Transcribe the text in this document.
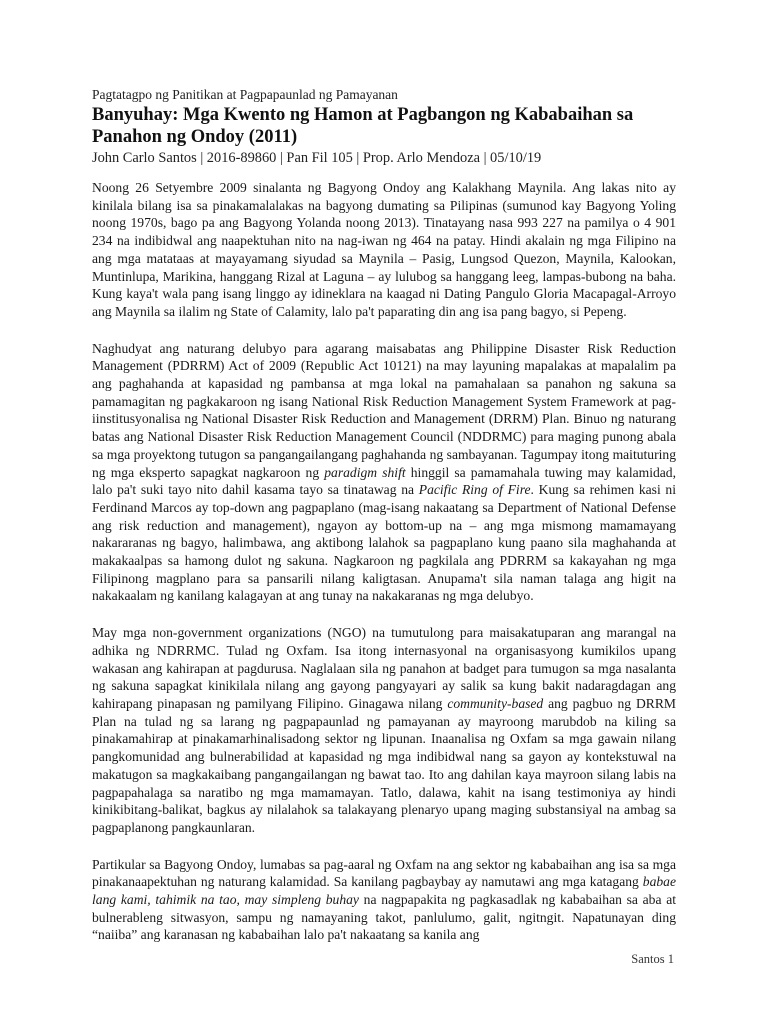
Pagtatagpo ng Panitikan at Pagpapaunlad ng Pamayanan
Banyuhay: Mga Kwento ng Hamon at Pagbangon ng Kababaihan sa Panahon ng Ondoy (2011)
John Carlo Santos | 2016-89860 | Pan Fil 105 | Prop. Arlo Mendoza | 05/10/19

Noong 26 Setyembre 2009 sinalanta ng Bagyong Ondoy ang Kalakhang Maynila. Ang lakas nito ay kinilala bilang isa sa pinakamalalakas na bagyong dumating sa Pilipinas (sumunod kay Bagyong Yoling noong 1970s, bago pa ang Bagyong Yolanda noong 2013). Tinatayang nasa 993 227 na pamilya o 4 901 234 na indibidwal ang naapektuhan nito na nag-iwan ng 464 na patay. Hindi akalain ng mga Filipino na ang mga matataas at mayayamang siyudad sa Maynila – Pasig, Lungsod Quezon, Maynila, Kalookan, Muntinlupa, Marikina, hanggang Rizal at Laguna – ay lulubog sa hanggang leeg, lampas-bubong na baha. Kung kaya't wala pang isang linggo ay idineklara na kaagad ni Dating Pangulo Gloria Macapagal-Arroyo ang Maynila sa ilalim ng State of Calamity, lalo pa't paparating din ang isa pang bagyo, si Pepeng.

Naghudyat ang naturang delubyo para agarang maisabatas ang Philippine Disaster Risk Reduction Management (PDRRM) Act of 2009 (Republic Act 10121) na may layuning mapalakas at mapalalim pa ang paghahanda at kapasidad ng pambansa at mga lokal na pamahalaan sa panahon ng sakuna sa pamamagitan ng pagkakaroon ng isang National Risk Reduction Management System Framework at pag-iinstitusyonalisa ng National Disaster Risk Reduction and Management (DRRM) Plan. Binuo ng naturang batas ang National Disaster Risk Reduction Management Council (NDDRMC) para maging punong abala sa mga proyektong tutugon sa pangangailangang paghahanda ng sambayanan. Tagumpay itong maituturing ng mga eksperto sapagkat nagkaroon ng paradigm shift hinggil sa pamamahala tuwing may kalamidad, lalo pa't suki tayo nito dahil kasama tayo sa tinatawag na Pacific Ring of Fire. Kung sa rehimen kasi ni Ferdinand Marcos ay top-down ang pagpaplano (mag-isang nakaatang sa Department of National Defense ang risk reduction and management), ngayon ay bottom-up na – ang mga mismong mamamayang nakararanas ng bagyo, halimbawa, ang aktibong lalahok sa pagpaplano kung paano sila maghahanda at makakaalpas sa hamong dulot ng sakuna. Nagkaroon ng pagkilala ang PDRRM sa kakayahan ng mga Filipinong magplano para sa pansarili nilang kaligtasan. Anupama't sila naman talaga ang higit na nakakaalam ng kanilang kalagayan at ang tunay na nakakaranas ng mga delubyo.

May mga non-government organizations (NGO) na tumutulong para maisakatuparan ang marangal na adhika ng NDRRMC. Tulad ng Oxfam. Isa itong internasyonal na organisasyong kumikilos upang wakasan ang kahirapan at pagdurusa. Naglalaan sila ng panahon at badget para tumugon sa mga nasalanta ng sakuna sapagkat kinikilala nilang ang gayong pangyayari ay salik sa kung bakit nadaragdagan ang kahirapang pinapasan ng pamilyang Filipino. Ginagawa nilang community-based ang pagbuo ng DRRM Plan na tulad ng sa larang ng pagpapaunlad ng pamayanan ay mayroong marubdob na kiling sa pinakamahirap at pinakamarhinalisadong sektor ng lipunan. Inaanalisa ng Oxfam sa mga gawain nilang pangkomunidad ang bulnerabilidad at kapasidad ng mga indibidwal nang sa gayon ay kontekstuwal na makatugon sa magkakaibang pangangailangan ng bawat tao. Ito ang dahilan kaya mayroon silang labis na pagpapahalaga sa naratibo ng mga mamamayan. Tatlo, dalawa, kahit na isang testimoniya ay hindi kinikibitang-balikat, bagkus ay nilalahok sa talakayang plenaryo upang maging substansiyal na ambag sa pagpaplanong pangkaunlaran.

Partikular sa Bagyong Ondoy, lumabas sa pag-aaral ng Oxfam na ang sektor ng kababaihan ang isa sa mga pinakanaapektuhan ng naturang kalamidad. Sa kanilang pagbaybay ay namutawi ang mga katagang babae lang kami, tahimik na tao, may simpleng buhay na nagpapakita ng pagkasadlak ng kababaihan sa aba at bulnerableng sitwasyon, sampu ng namayaning takot, panlulumo, galit, ngitngit. Napatunayan ding “naiiba” ang karanasan ng kababaihan lalo pa't nakaatang sa kanila ang

Santos 1
